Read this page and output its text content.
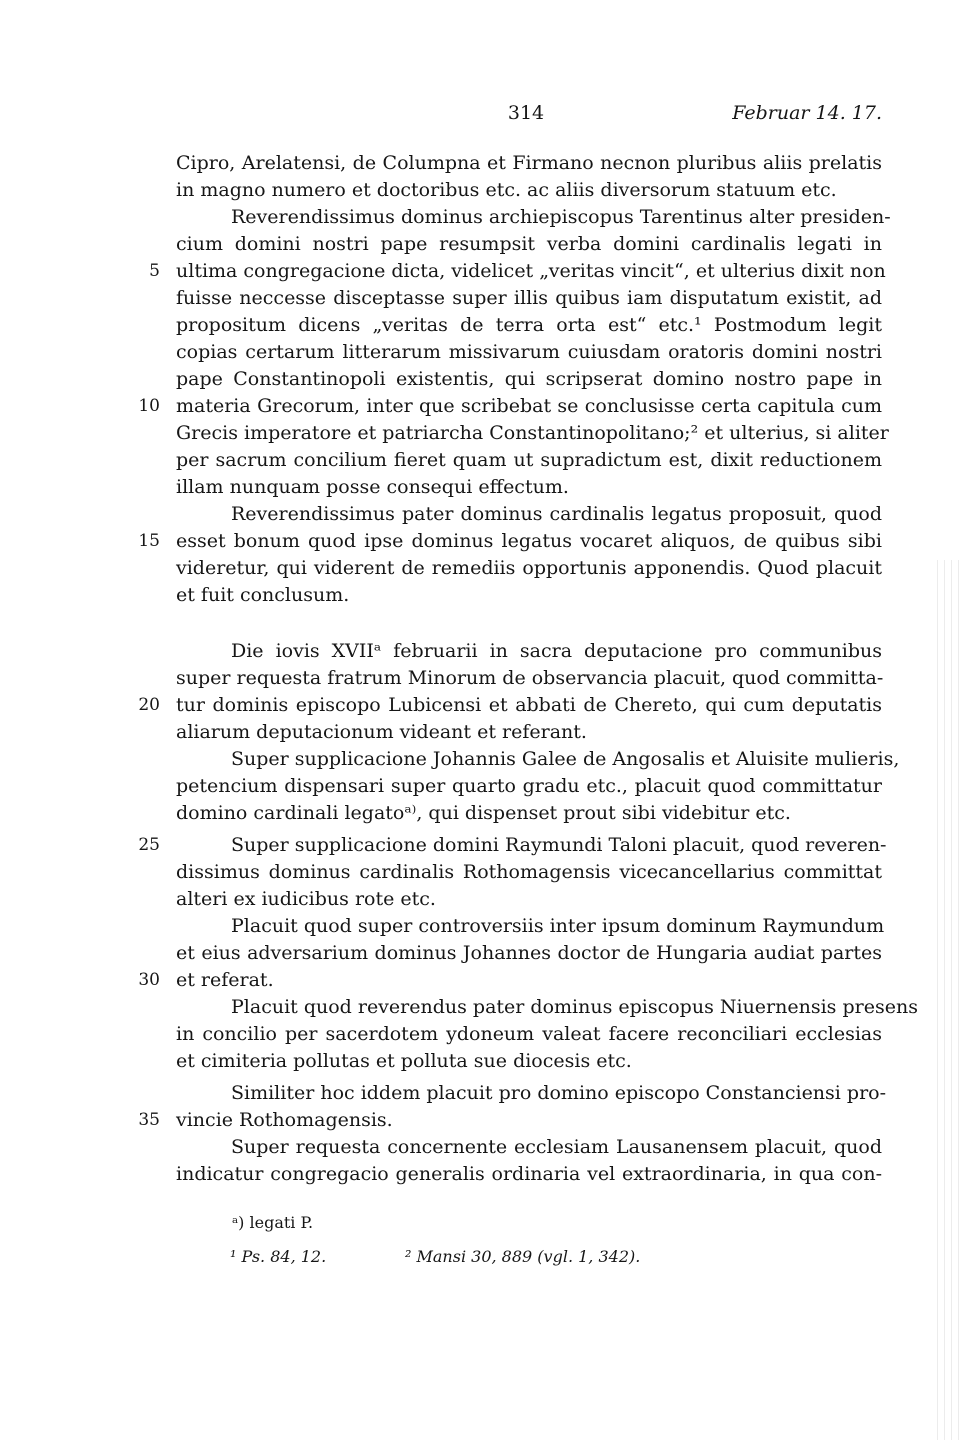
314	Februar 14. 17.
Cipro, Arelatensi, de Columpna et Firmano necnon pluribus aliis prelatis
in magno numero et doctoribus etc. ac aliis diversorum statuum etc.
Reverendissimus dominus archiepiscopus Tarentinus alter presiden-
cium domini nostri pape resumpsit verba domini cardinalis legati in
ultima congregacione dicta, videlicet „veritas vincit“, et ulterius dixit non
fuisse neccesse disceptasse super illis quibus iam disputatum existit, ad
propositum dicens „veritas de terra orta est“ etc.¹ Postmodum legit
copias certarum litterarum missivarum cuiusdam oratoris domini nostri
pape Constantinopoli existentis, qui scripserat domino nostro pape in
materia Grecorum, inter que scribebat se conclusisse certa capitula cum
Grecis imperatore et patriarcha Constantinopolitano;² et ulterius, si aliter
per sacrum concilium fieret quam ut supradictum est, dixit reductionem
illam nunquam posse consequi effectum.
Reverendissimus pater dominus cardinalis legatus proposuit, quod
esset bonum quod ipse dominus legatus vocaret aliquos, de quibus sibi
videretur, qui viderent de remediis opportunis apponendis. Quod placuit
et fuit conclusum.
Die iovis XVIIᵃ februarii in sacra deputacione pro communibus
super requesta fratrum Minorum de observancia placuit, quod committa-
tur dominis episcopo Lubicensi et abbati de Chereto, qui cum deputatis
aliarum deputacionum videant et referant.
Super supplicacione Johannis Galee de Angosalis et Aluisite mulieris,
petencium dispensari super quarto gradu etc., placuit quod committatur
domino cardinali legatoᵃ⁾, qui dispenset prout sibi videbitur etc.
Super supplicacione domini Raymundi Taloni placuit, quod reveren-
dissimus dominus cardinalis Rothomagensis vicecancellarius committat
alteri ex iudicibus rote etc.
Placuit quod super controversiis inter ipsum dominum Raymundum
et eius adversarium dominus Johannes doctor de Hungaria audiat partes
et referat.
Placuit quod reverendus pater dominus episcopus Niuernensis presens
in concilio per sacerdotem ydoneum valeat facere reconciliari ecclesias
et cimiteria pollutas et polluta sue diocesis etc.
Similiter hoc iddem placuit pro domino episcopo Constanciensi pro-
vincie Rothomagensis.
Super requesta concernente ecclesiam Lausanensem placuit, quod
indicatur congregacio generalis ordinaria vel extraordinaria, in qua con-
5
10
15
20
25
30
35
ᵃ) legati P.
¹ Ps. 84, 12.	² Mansi 30, 889 (vgl. 1, 342).
